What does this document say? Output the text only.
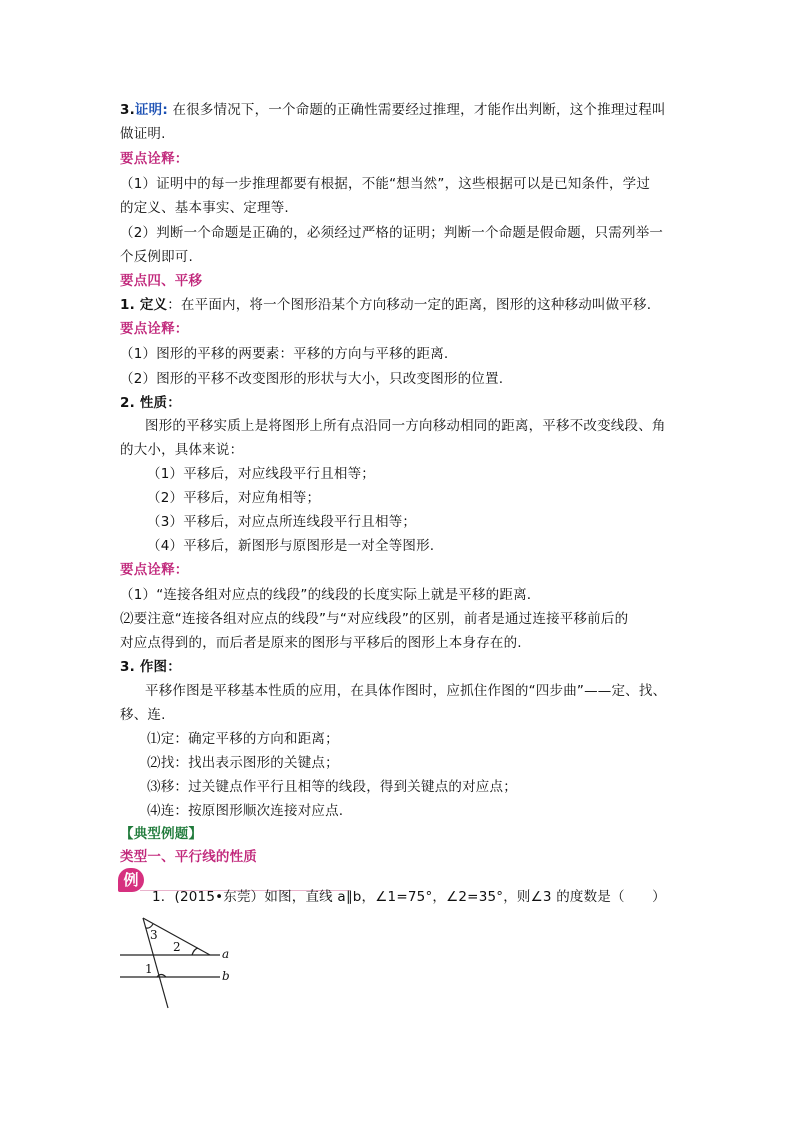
3.证明: 在很多情况下，一个命题的正确性需要经过推理，才能作出判断，这个推理过程叫
做证明.
要点诠释：
（1）证明中的每一步推理都要有根据，不能“想当然”，这些根据可以是已知条件，学过
的定义、基本事实、定理等.
（2）判断一个命题是正确的，必须经过严格的证明；判断一个命题是假命题，只需列举一
个反例即可.
要点四、平移
1. 定义：在平面内，将一个图形沿某个方向移动一定的距离，图形的这种移动叫做平移.
要点诠释：
（1）图形的平移的两要素：平移的方向与平移的距离.
（2）图形的平移不改变图形的形状与大小，只改变图形的位置.
2. 性质：
图形的平移实质上是将图形上所有点沿同一方向移动相同的距离，平移不改变线段、角
的大小，具体来说：
（1）平移后，对应线段平行且相等；
（2）平移后，对应角相等；
（3）平移后，对应点所连线段平行且相等；
（4）平移后，新图形与原图形是一对全等图形.
要点诠释：
（1）“连接各组对应点的线段”的线段的长度实际上就是平移的距离.
⑵要注意“连接各组对应点的线段”与“对应线段”的区别，前者是通过连接平移前后的
对应点得到的，而后者是原来的图形与平移后的图形上本身存在的.
3. 作图：
平移作图是平移基本性质的应用，在具体作图时，应抓住作图的“四步曲”——定、找、
移、连.
⑴定：确定平移的方向和距离；
⑵找：找出表示图形的关键点；
⑶移：过关键点作平行且相等的线段，得到关键点的对应点；
⑷连：按原图形顺次连接对应点.
【典型例题】
类型一、平行线的性质
例
1．(2015•东莞）如图，直线 a∥b，∠1=75°，∠2=35°，则∠3 的度数是（　　）
3
2
1
a
b
